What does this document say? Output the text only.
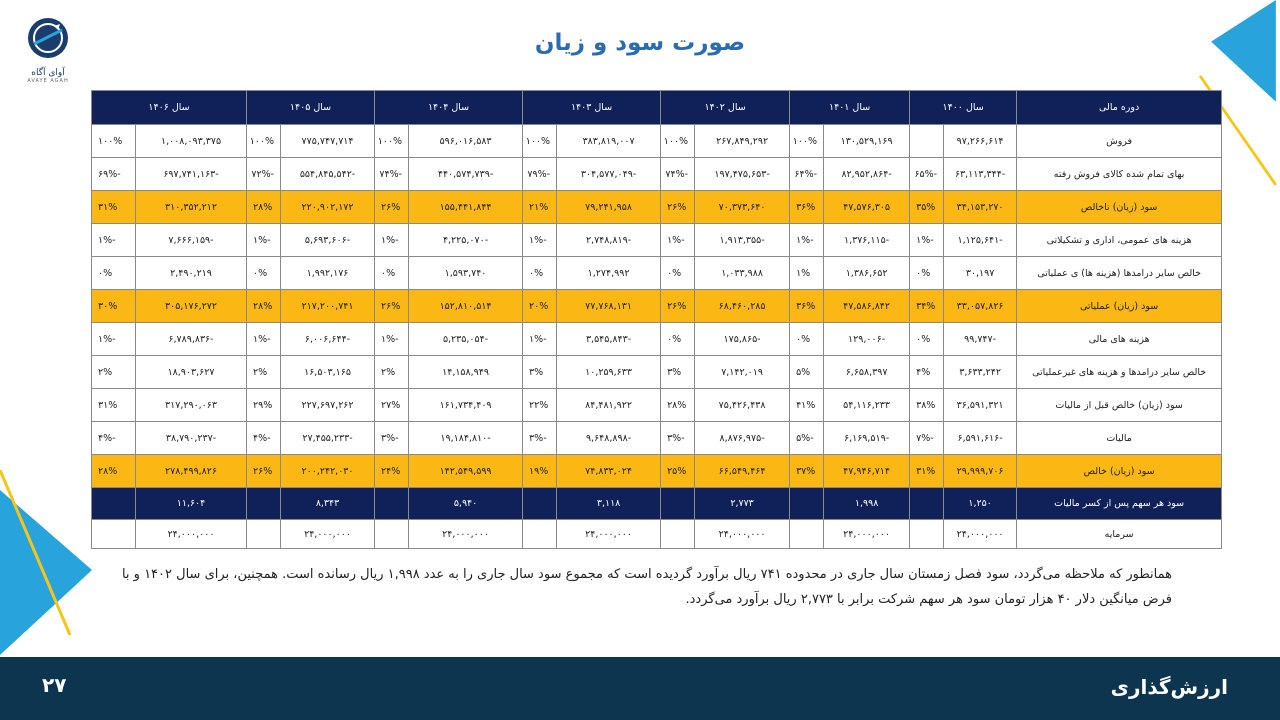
آوای آگاه
AVAYE AGAH
صورت سود و زیان
دوره مالی	سال ۱۴۰۰		سال ۱۴۰۱		سال ۱۴۰۲		سال ۱۴۰۳		سال ۱۴۰۴		سال ۱۴۰۵		سال ۱۴۰۶	
فروش	۹۷,۲۶۶,۶۱۴		۱۳۰,۵۲۹,۱۶۹	۱۰۰%	۲۶۷,۸۴۹,۲۹۲	۱۰۰%	۳۸۳,۸۱۹,۰۰۷	۱۰۰%	۵۹۶,۰۱۶,۵۸۳	۱۰۰%	۷۷۵,۷۴۷,۷۱۴	۱۰۰%	۱,۰۰۸,۰۹۳,۳۷۵	۱۰۰%
بهای تمام شده کالای فروش رفته	-۶۳,۱۱۳,۳۴۴	-۶۵%	-۸۲,۹۵۲,۸۶۴	-۶۴%	-۱۹۷,۴۷۵,۶۵۳	-۷۴%	-۳۰۴,۵۷۷,۰۴۹	-۷۹%	-۴۴۰,۵۷۴,۷۳۹	-۷۴%	-۵۵۴,۸۴۵,۵۴۲	-۷۲%	-۶۹۷,۷۴۱,۱۶۳	-۶۹%
سود (زیان) ناخالص	۳۴,۱۵۳,۲۷۰	۳۵%	۴۷,۵۷۶,۳۰۵	۳۶%	۷۰,۳۷۳,۶۴۰	۲۶%	۷۹,۲۴۱,۹۵۸	۲۱%	۱۵۵,۴۴۱,۸۴۴	۲۶%	۲۲۰,۹۰۲,۱۷۲	۲۸%	۳۱۰,۳۵۲,۲۱۲	۳۱%
هزینه های عمومی، اداری و تشکیلاتی	-۱,۱۲۵,۶۴۱	-۱%	-۱,۳۷۶,۱۱۵	-۱%	-۱,۹۱۳,۳۵۵	-۱%	-۲,۷۴۸,۸۱۹	-۱%	-۴,۲۲۵,۰۷۰	-۱%	-۵,۶۹۳,۶۰۶	-۱%	-۷,۶۶۶,۱۵۹	-۱%
خالص سایر درامدها (هزینه ها) ی عملیاتی	۳۰,۱۹۷	۰%	۱,۳۸۶,۶۵۲	۱%	۱,۰۳۳,۹۸۸	۰%	۱,۲۷۴,۹۹۲	۰%	۱,۵۹۳,۷۴۰	۰%	۱,۹۹۲,۱۷۶	۰%	۲,۴۹۰,۲۱۹	۰%
سود (زیان) عملیاتی	۳۳,۰۵۷,۸۲۶	۳۴%	۴۷,۵۸۶,۸۴۲	۳۶%	۶۸,۴۶۰,۲۸۵	۲۶%	۷۷,۷۶۸,۱۳۱	۲۰%	۱۵۲,۸۱۰,۵۱۴	۲۶%	۲۱۷,۲۰۰,۷۴۱	۲۸%	۳۰۵,۱۷۶,۲۷۲	۳۰%
هزینه های مالی	-۹۹,۷۴۷	۰%	-۱۲۹,۰۰۶	۰%	-۱۷۵,۸۶۵	۰%	-۳,۵۴۵,۸۴۳	-۱%	-۵,۲۳۵,۰۵۴	-۱%	-۶,۰۰۶,۶۴۴	-۱%	-۶,۷۸۹,۸۳۶	-۱%
خالص سایر درامدها و هزینه های غیرعملیاتی	۳,۶۳۳,۲۴۲	۴%	۶,۶۵۸,۳۹۷	۵%	۷,۱۴۲,۰۱۹	۳%	۱۰,۲۵۹,۶۳۳	۳%	۱۴,۱۵۸,۹۴۹	۲%	۱۶,۵۰۳,۱۶۵	۲%	۱۸,۹۰۳,۶۲۷	۲%
سود (زیان) خالص قبل از مالیات	۳۶,۵۹۱,۳۲۱	۳۸%	۵۴,۱۱۶,۲۳۳	۴۱%	۷۵,۴۲۶,۴۳۸	۲۸%	۸۴,۴۸۱,۹۲۲	۲۲%	۱۶۱,۷۳۴,۴۰۹	۲۷%	۲۲۷,۶۹۷,۲۶۲	۲۹%	۳۱۷,۲۹۰,۰۶۳	۳۱%
مالیات	-۶,۵۹۱,۶۱۶	-۷%	-۶,۱۶۹,۵۱۹	-۵%	-۸,۸۷۶,۹۷۵	-۳%	-۹,۶۴۸,۸۹۸	-۳%	-۱۹,۱۸۴,۸۱۰	-۳%	-۲۷,۴۵۵,۲۳۳	-۴%	-۳۸,۷۹۰,۲۳۷	-۴%
سود (زیان) خالص	۲۹,۹۹۹,۷۰۶	۳۱%	۴۷,۹۴۶,۷۱۴	۳۷%	۶۶,۵۴۹,۴۶۴	۲۵%	۷۴,۸۳۳,۰۲۴	۱۹%	۱۴۲,۵۴۹,۵۹۹	۲۴%	۲۰۰,۲۴۲,۰۳۰	۲۶%	۲۷۸,۴۹۹,۸۲۶	۲۸%
سود هر سهم پس از کسر مالیات	۱,۲۵۰		۱,۹۹۸		۲,۷۷۳		۳,۱۱۸		۵,۹۴۰		۸,۳۴۳		۱۱,۶۰۴	
سرمایه	۲۴,۰۰۰,۰۰۰		۲۴,۰۰۰,۰۰۰		۲۴,۰۰۰,۰۰۰		۲۴,۰۰۰,۰۰۰		۲۴,۰۰۰,۰۰۰		۲۴,۰۰۰,۰۰۰		۲۴,۰۰۰,۰۰۰	
همانطور که ملاحظه می‌گردد، سود فصل زمستان سال جاری در محدوده ۷۴۱ ریال برآورد گردیده است که مجموع سود سال جاری را به عدد ۱,۹۹۸ ریال رسانده است. همچنین، برای سال ۱۴۰۲ و با فرض میانگین دلار ۴۰ هزار تومان سود هر سهم شرکت برابر با ۲,۷۷۳ ریال برآورد می‌گردد.
ارزش‌گذاری
۲۷
